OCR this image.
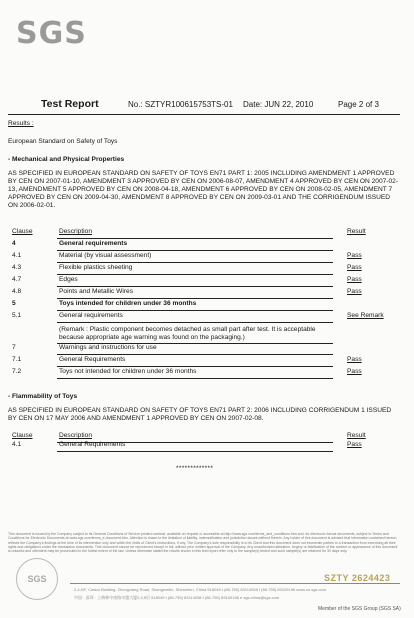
SGS
Test Report	No.: SZTYR100615753TS-01 Date: JUN 22, 2010	Page 2 of 3
Results :
European Standard on Safety of Toys
- Mechanical and Physical Properties
AS SPECIFIED IN EUROPEAN STANDARD ON SAFETY OF TOYS EN71 PART 1: 2005 INCLUDING AMENDMENT 1 APPROVED BY CEN ON 2007-01-10, AMENDMENT 3 APPROVED BY CEN ON 2006-08-07, AMENDMENT 4 APPROVED BY CEN ON 2007-02-13, AMENDMENT 5 APPROVED BY CEN ON 2008-04-18, AMENDMENT 6 APPROVED BY CEN ON 2008-02-05, AMENDMENT 7 APPROVED BY CEN ON 2009-04-30, AMENDMENT 8 APPROVED BY CEN ON 2009-03-01 AND THE CORRIGENDUM ISSUED ON 2006-02-01.
Clause	Description	Result
4	General requirements
4.1	Material (by visual assessment)	Pass
4.3	Flexible plastics sheeting	Pass
4.7	Edges	Pass
4.8	Points and Metallic Wires	Pass
5	Toys intended for children under 36 months
5.1	General requirements	See Remark
(Remark : Plastic component becomes detached as small part after test. It is acceptable because appropriate age warning was found on the packaging.)
7	Warnings and instructions for use
7.1	General Requirements	Pass
7.2	Toys not intended for children under 36 months	Pass
- Flammability of Toys
AS SPECIFIED IN EUROPEAN STANDARD ON SAFETY OF TOYS EN71 PART 2: 2006 INCLUDING CORRIGENDUM 1 ISSUED BY CEN ON 17 MAY 2006 AND AMENDMENT 1 APPROVED BY CEN ON 2007-02-08.
Clause	Description	Result
4.1	General Requirements	Pass
*************
This document is issued by the Company subject to its General Conditions of Service printed overleaf, available on request or accessible at http://www.sgs.com/terms_and_conditions.htm and, for electronic format documents, subject to Terms and Conditions for Electronic Documents at www.sgs.com/terms_e-document.htm. Attention is drawn to the limitation of liability, indemnification and jurisdiction issues defined therein. Any holder of this document is advised that information contained hereon reflects the Company's findings at the time of its intervention only and within the limits of Client's instructions, if any. The Company's sole responsibility is to its Client and this document does not exonerate parties to a transaction from exercising all their rights and obligations under the transaction documents. This document cannot be reproduced except in full, without prior written approval of the Company. Any unauthorized alteration, forgery or falsification of the content or appearance of this document is unlawful and offenders may be prosecuted to the fullest extent of the law. Unless otherwise stated the results shown in this test report refer only to the sample(s) tested and such sample(s) are retained for 30 days only.
SGS	SZTY 2624423
2,4,5/F, Castor Building, Zhongxiang Road, Shangmeilin, Shenzhen, China 518049 t (86-755) 83114058 f (86-755) 83109196 www.cn.sgs.com
中国 · 深圳 · 上梅林中康路卓越大厦2,4,5层 518049 t (86-755) 83114058 f (86-755) 83109196 e sgs.china@sgs.com
Member of the SGS Group (SGS SA)
